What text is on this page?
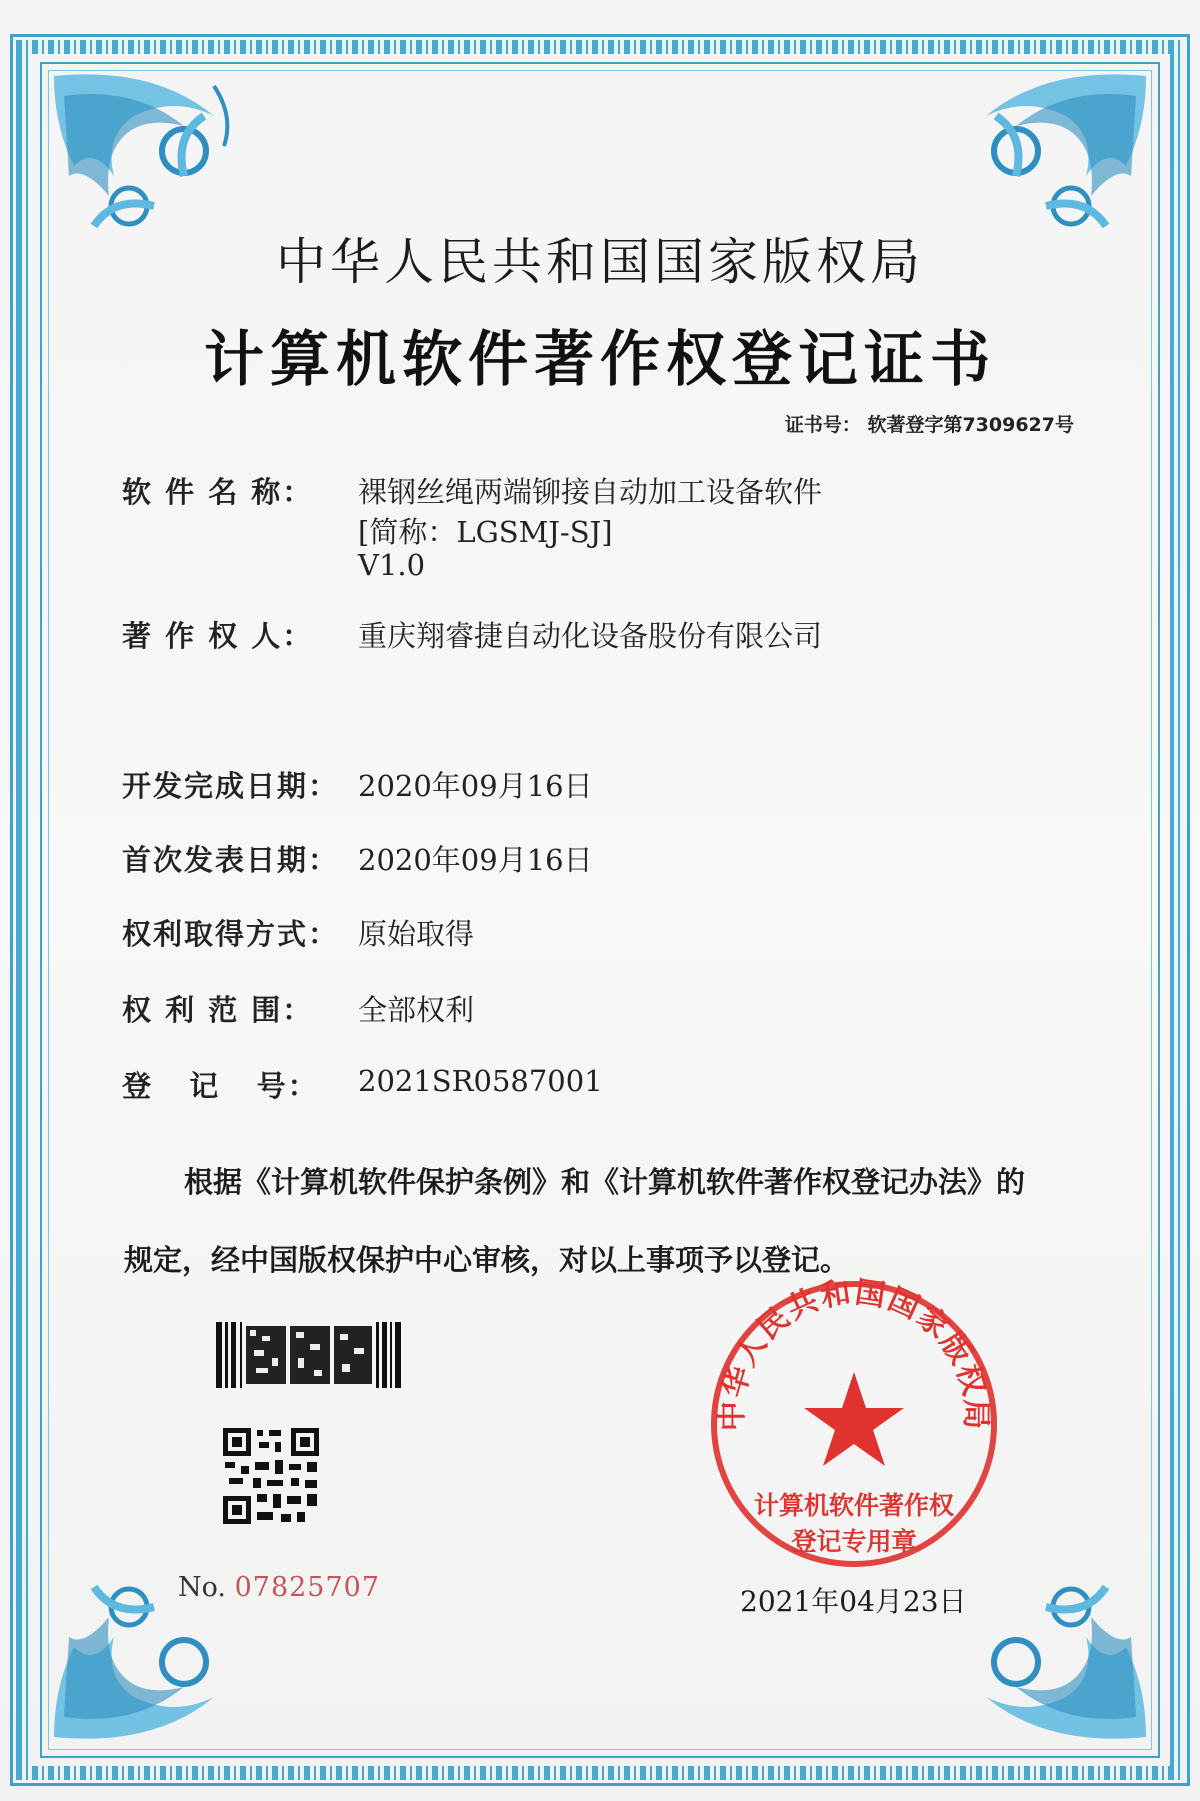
中华人民共和国国家版权局
计算机软件著作权登记证书
证书号： 软著登字第7309627号
软 件 名 称： 裸钢丝绳两端铆接自动加工设备软件
[简称：LGSMJ-SJ]
V1.0
著 作 权 人： 重庆翔睿捷自动化设备股份有限公司
开发完成日期： 2020年09月16日
首次发表日期： 2020年09月16日
权利取得方式： 原始取得
权 利 范 围： 全部权利
登   记   号： 2021SR0587001
根据《计算机软件保护条例》和《计算机软件著作权登记办法》的
规定，经中国版权保护中心审核，对以上事项予以登记。
No. 07825707
中华人民共和国国家版权局
计算机软件著作权
登记专用章
2021年04月23日
